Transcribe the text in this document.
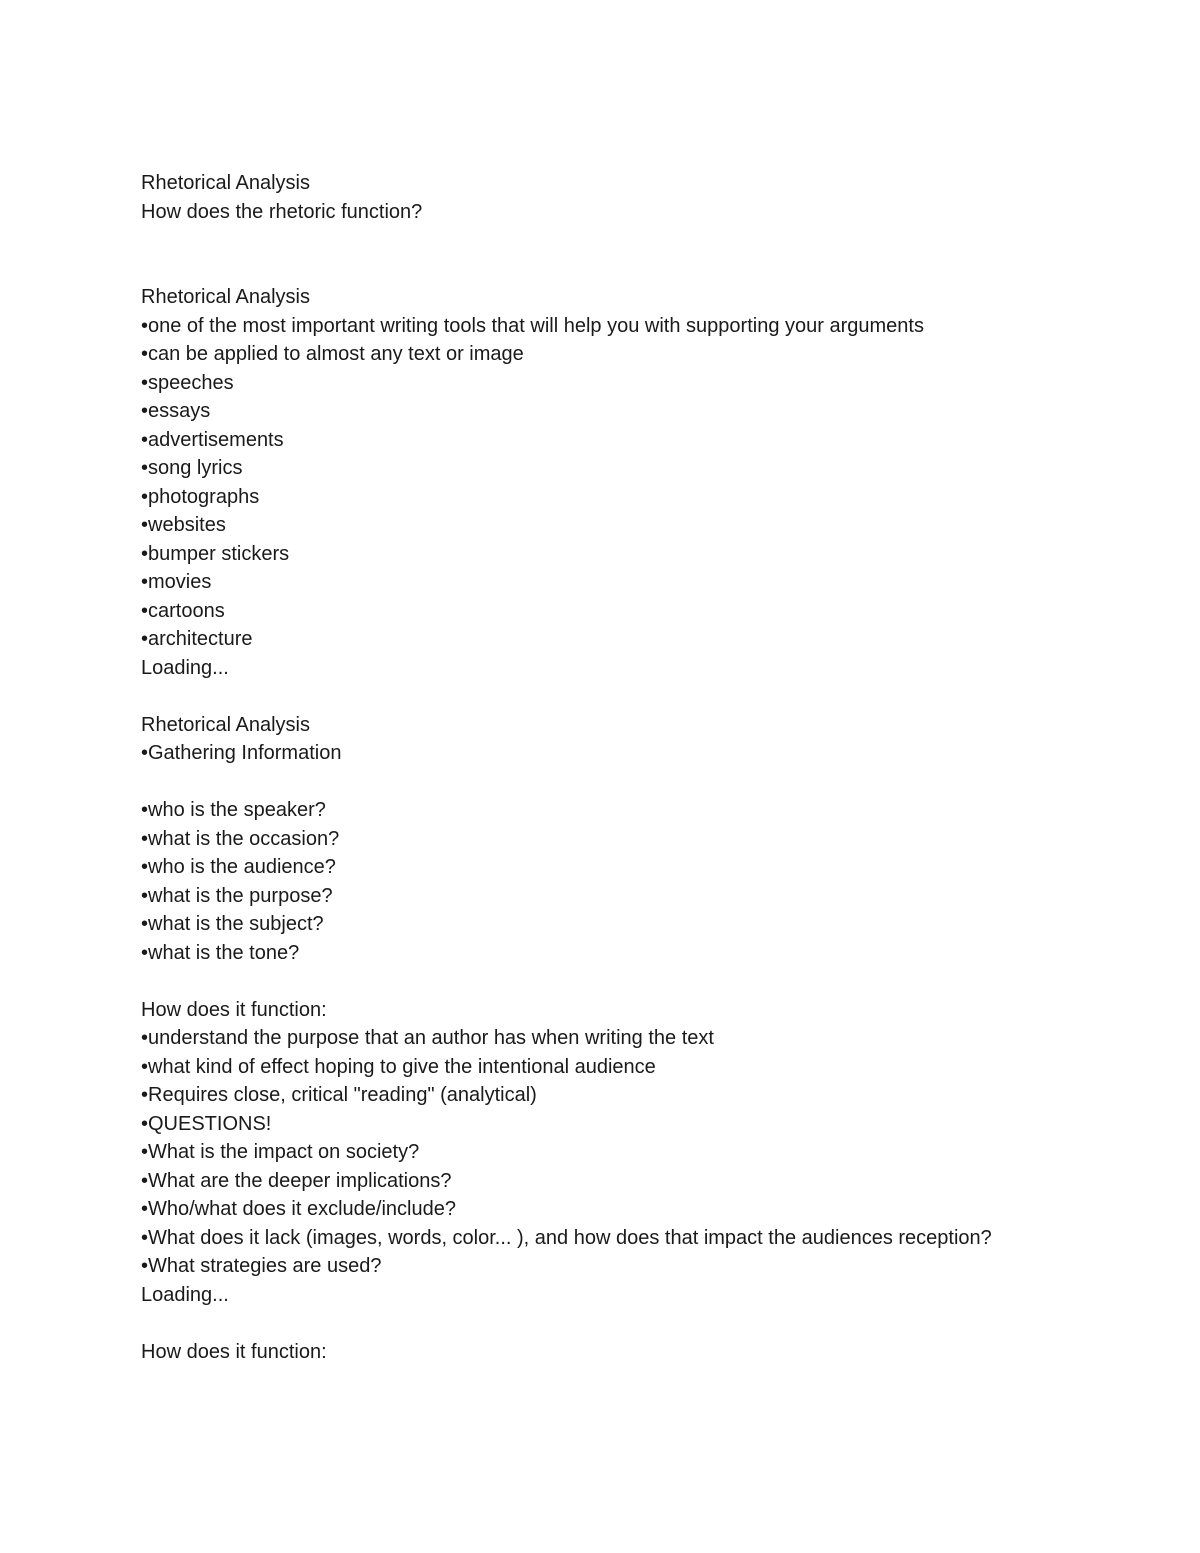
Rhetorical Analysis
How does the rhetoric function?
Rhetorical Analysis
•one of the most important writing tools that will help you with supporting your arguments
•can be applied to almost any text or image
•speeches
•essays
•advertisements
•song lyrics
•photographs
•websites
•bumper stickers
•movies
•cartoons
•architecture
Loading...
Rhetorical Analysis
•Gathering Information
•who is the speaker?
•what is the occasion?
•who is the audience?
•what is the purpose?
•what is the subject?
•what is the tone?
How does it function:
•understand the purpose that an author has when writing the text
•what kind of effect hoping to give the intentional audience
•Requires close, critical "reading" (analytical)
•QUESTIONS!
•What is the impact on society?
•What are the deeper implications?
•Who/what does it exclude/include?
•What does it lack (images, words, color... ), and how does that impact the audiences reception?
•What strategies are used?
Loading...
How does it function:
